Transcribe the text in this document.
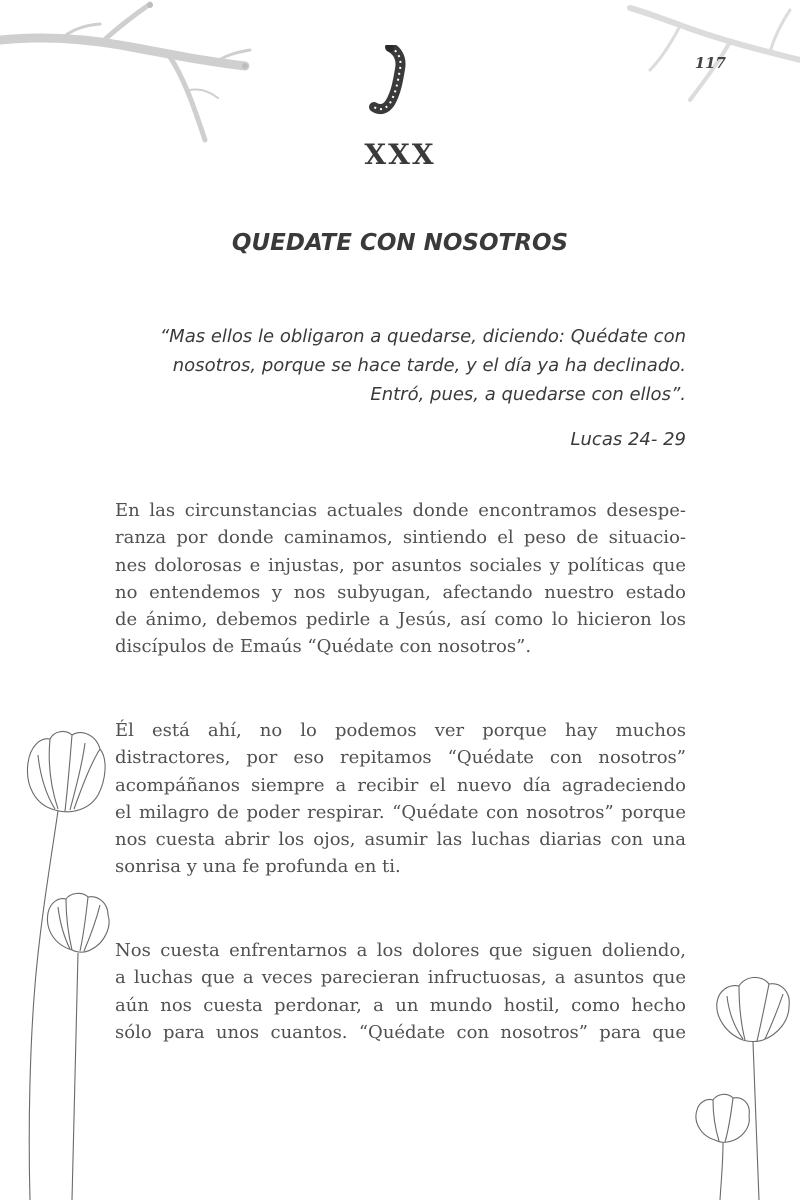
117
XXX
QUEDATE CON NOSOTROS
“Mas ellos le obligaron a quedarse, diciendo: Quédate con
nosotros, porque se hace tarde, y el día ya ha declinado.
Entró, pues, a quedarse con ellos”.
Lucas 24- 29

En las circunstancias actuales donde encontramos desespe-
ranza por donde caminamos, sintiendo el peso de situacio-
nes dolorosas e injustas, por asuntos sociales y políticas que
no entendemos y nos subyugan, afectando nuestro estado
de ánimo, debemos pedirle a Jesús, así como lo hicieron los
discípulos de Emaús “Quédate con nosotros”.

Él está ahí, no lo podemos ver porque hay muchos
distractores, por eso repitamos “Quédate con nosotros”
acompáñanos siempre a recibir el nuevo día agradeciendo
el milagro de poder respirar. “Quédate con nosotros” porque
nos cuesta abrir los ojos, asumir las luchas diarias con una
sonrisa y una fe profunda en ti.

Nos cuesta enfrentarnos a los dolores que siguen doliendo,
a luchas que a veces parecieran infructuosas, a asuntos que
aún nos cuesta perdonar, a un mundo hostil, como hecho
sólo para unos cuantos. “Quédate con nosotros” para que
